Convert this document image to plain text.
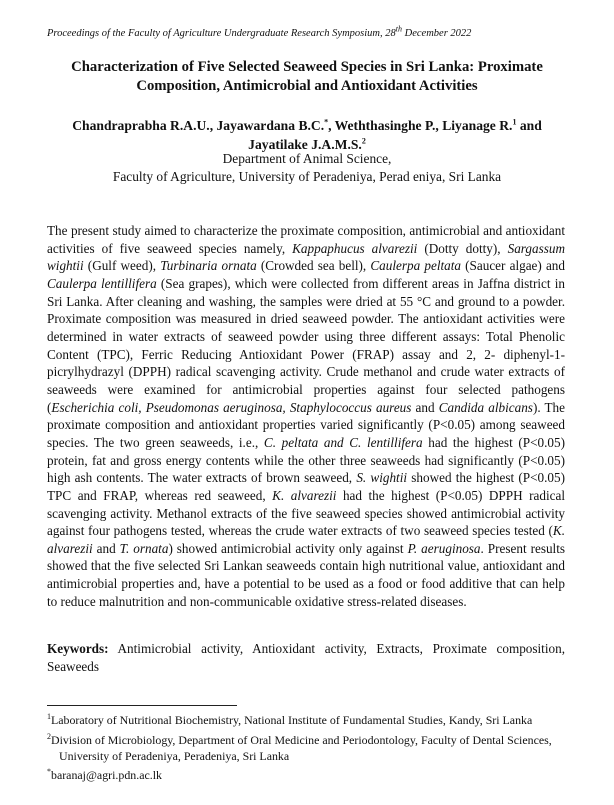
Proceedings of the Faculty of Agriculture Undergraduate Research Symposium, 28th December 2022
Characterization of Five Selected Seaweed Species in Sri Lanka: Proximate
Composition, Antimicrobial and Antioxidant Activities
Chandraprabha R.A.U., Jayawardana B.C.*, Weththasinghe P., Liyanage R.$^1$ and
Jayatilake J.A.M.S.$^2$
Department of Animal Science,
Faculty of Agriculture, University of Peradeniya, Perad eniya, Sri Lanka
The present study aimed to characterize the proximate composition, antimicrobial and antioxidant activities of five seaweed species namely, Kappaphucus alvarezii (Dotty dotty), Sargassum wightii (Gulf weed), Turbinaria ornata (Crowded sea bell), Caulerpa peltata (Saucer algae) and Caulerpa lentillifera (Sea grapes), which were collected from different areas in Jaffna district in Sri Lanka. After cleaning and washing, the samples were dried at 55 °C and ground to a powder. Proximate composition was measured in dried seaweed powder. The antioxidant activities were determined in water extracts of seaweed powder using three different assays: Total Phenolic Content (TPC), Ferric Reducing Antioxidant Power (FRAP) assay and 2, 2- diphenyl-1-picrylhydrazyl (DPPH) radical scavenging activity. Crude methanol and crude water extracts of seaweeds were examined for antimicrobial properties against four selected pathogens (Escherichia coli, Pseudomonas aeruginosa, Staphylococcus aureus and Candida albicans). The proximate composition and antioxidant properties varied significantly (P<0.05) among seaweed species. The two green seaweeds, i.e., C. peltata and C. lentillifera had the highest (P<0.05) protein, fat and gross energy contents while the other three seaweeds had significantly (P<0.05) high ash contents. The water extracts of brown seaweed, S. wightii showed the highest (P<0.05) TPC and FRAP, whereas red seaweed, K. alvarezii had the highest (P<0.05) DPPH radical scavenging activity. Methanol extracts of the five seaweed species showed antimicrobial activity against four pathogens tested, whereas the crude water extracts of two seaweed species tested (K. alvarezii and T. ornata) showed antimicrobial activity only against P. aeruginosa. Present results showed that the five selected Sri Lankan seaweeds contain high nutritional value, antioxidant and antimicrobial properties and, have a potential to be used as a food or food additive that can help to reduce malnutrition and non-communicable oxidative stress-related diseases.
Keywords: Antimicrobial activity, Antioxidant activity, Extracts, Proximate composition, Seaweeds
$^1$Laboratory of Nutritional Biochemistry, National Institute of Fundamental Studies, Kandy, Sri Lanka
$^2$Division of Microbiology, Department of Oral Medicine and Periodontology, Faculty of Dental Sciences, University of Peradeniya, Peradeniya, Sri Lanka
*baranaj@agri.pdn.ac.lk
